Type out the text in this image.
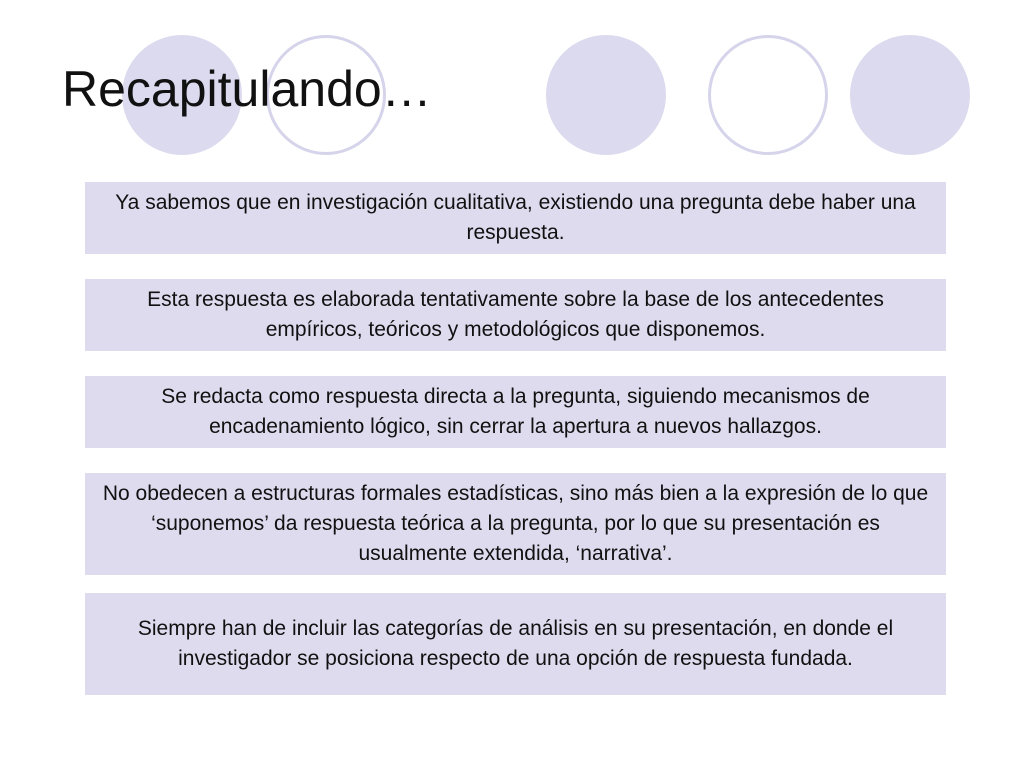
Recapitulando…
Ya sabemos que en investigación cualitativa, existiendo una pregunta debe haber una respuesta.
Esta respuesta es elaborada tentativamente sobre la base de los antecedentes empíricos, teóricos y metodológicos que disponemos.
Se redacta como respuesta directa a la pregunta, siguiendo mecanismos de encadenamiento lógico, sin cerrar la apertura a nuevos hallazgos.
No obedecen a estructuras formales estadísticas, sino más bien a la expresión de lo que ‘suponemos’ da respuesta teórica a la pregunta, por lo que su presentación es usualmente extendida, ‘narrativa’.
Siempre han de incluir las categorías de análisis en su presentación, en donde el investigador se posiciona respecto de una opción de respuesta fundada.
